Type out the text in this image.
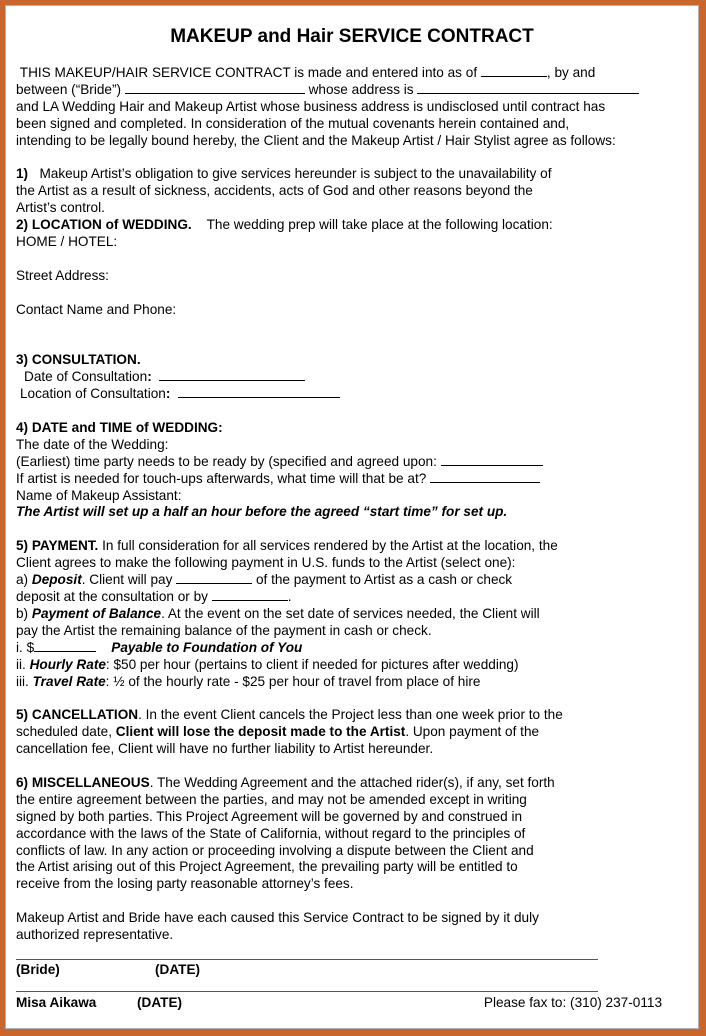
MAKEUP and Hair SERVICE CONTRACT
THIS MAKEUP/HAIR SERVICE CONTRACT is made and entered into as of	, by and
between (“Bride”)	whose address is
and LA Wedding Hair and Makeup Artist whose business address is undisclosed until contract has
been signed and completed. In consideration of the mutual covenants herein contained and,
intending to be legally bound hereby, the Client and the Makeup Artist / Hair Stylist agree as follows:
1) Makeup Artist’s obligation to give services hereunder is subject to the unavailability of
the Artist as a result of sickness, accidents, acts of God and other reasons beyond the
Artist’s control.
2) LOCATION of WEDDING. The wedding prep will take place at the following location:
HOME / HOTEL:
Street Address:
Contact Name and Phone:
3) CONSULTATION.
Date of Consultation:
Location of Consultation:
4) DATE and TIME of WEDDING:
The date of the Wedding:
(Earliest) time party needs to be ready by (specified and agreed upon:
If artist is needed for touch-ups afterwards, what time will that be at?
Name of Makeup Assistant:
The Artist will set up a half an hour before the agreed “start time” for set up.
5) PAYMENT. In full consideration for all services rendered by the Artist at the location, the
Client agrees to make the following payment in U.S. funds to the Artist (select one):
a) Deposit. Client will pay	of the payment to Artist as a cash or check
deposit at the consultation or by	.
b) Payment of Balance. At the event on the set date of services needed, the Client will
pay the Artist the remaining balance of the payment in cash or check.
i. $	Payable to Foundation of You
ii. Hourly Rate: $50 per hour (pertains to client if needed for pictures after wedding)
iii. Travel Rate: ½ of the hourly rate - $25 per hour of travel from place of hire
5) CANCELLATION. In the event Client cancels the Project less than one week prior to the
scheduled date, Client will lose the deposit made to the Artist. Upon payment of the
cancellation fee, Client will have no further liability to Artist hereunder.
6) MISCELLANEOUS. The Wedding Agreement and the attached rider(s), if any, set forth
the entire agreement between the parties, and may not be amended except in writing
signed by both parties. This Project Agreement will be governed by and construed in
accordance with the laws of the State of California, without regard to the principles of
conflicts of law. In any action or proceeding involving a dispute between the Client and
the Artist arising out of this Project Agreement, the prevailing party will be entitled to
receive from the losing party reasonable attorney’s fees.
Makeup Artist and Bride have each caused this Service Contract to be signed by it duly
authorized representative.
(Bride)	(DATE)
Misa Aikawa	(DATE)	Please fax to: (310) 237-0113
